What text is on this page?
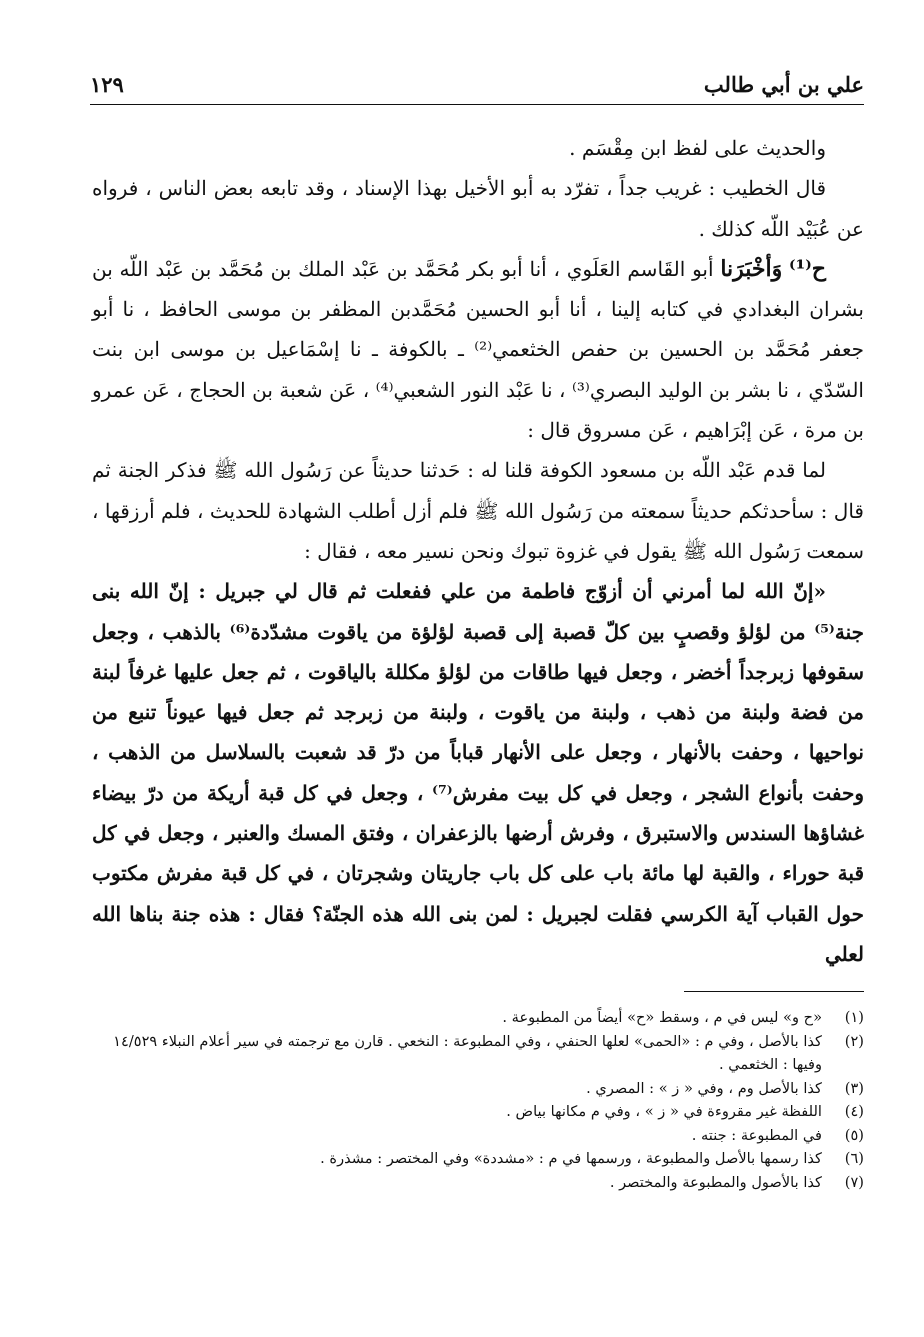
علي بن أبي طالب
١٢٩

والحديث على لفظ ابن مِقْسَم .

قال الخطيب : غريب جداً ، تفرّد به أبو الأخيل بهذا الإسناد ، وقد تابعه بعض الناس ، فرواه عن عُبَيْد اللّه كذلك .

ح⁽¹⁾ وَأخْبَرَنا أبو القَاسم العَلَوي ، أنا أبو بكر مُحَمَّد بن عَبْد الملك بن مُحَمَّد بن عَبْد اللّه بن بشران البغدادي في كتابه إلينا ، أنا أبو الحسين مُحَمَّدبن المظفر بن موسى الحافظ ، نا أبو جعفر مُحَمَّد بن الحسين بن حفص الخثعمي⁽²⁾ ـ بالكوفة ـ نا إسْمَاعيل بن موسى ابن بنت السّدّي ، نا بشر بن الوليد البصري⁽³⁾ ، نا عَبْد النور الشعبي⁽⁴⁾ ، عَن شعبة بن الحجاج ، عَن عمرو بن مرة ، عَن إبْرَاهيم ، عَن مسروق قال :

لما قدم عَبْد اللّه بن مسعود الكوفة قلنا له : حَدثنا حديثاً عن رَسُول الله ﷺ فذكر الجنة ثم قال : سأحدثكم حديثاً سمعته من رَسُول الله ﷺ فلم أزل أطلب الشهادة للحديث ، فلم أرزقها ، سمعت رَسُول الله ﷺ يقول في غزوة تبوك ونحن نسير معه ، فقال :

«إنّ الله لما أمرني أن أزوّج فاطمة من علي ففعلت ثم قال لي جبريل : إنّ الله بنى جنة⁽⁵⁾ من لؤلؤ وقصبٍ بين كلّ قصبة إلى قصبة لؤلؤة من ياقوت مشدّدة⁽⁶⁾ بالذهب ، وجعل سقوفها زبرجداً أخضر ، وجعل فيها طاقات من لؤلؤ مكللة بالياقوت ، ثم جعل عليها غرفاً لبنة من فضة ولبنة من ذهب ، ولبنة من ياقوت ، ولبنة من زبرجد ثم جعل فيها عيوناً تنبع من نواحيها ، وحفت بالأنهار ، وجعل على الأنهار قباباً من درّ قد شعبت بالسلاسل من الذهب ، وحفت بأنواع الشجر ، وجعل في كل بيت مفرش⁽⁷⁾ ، وجعل في كل قبة أريكة من درّ بيضاء غشاؤها السندس والاستبرق ، وفرش أرضها بالزعفران ، وفتق المسك والعنبر ، وجعل في كل قبة حوراء ، والقبة لها مائة باب على كل باب جاريتان وشجرتان ، في كل قبة مفرش مكتوب حول القباب آية الكرسي فقلت لجبريل : لمن بنى الله هذه الجنّة؟ فقال : هذه جنة بناها الله لعلي

(١)
«ح و» ليس في م ، وسقط «ح» أيضاً من المطبوعة .
(٢)
كذا بالأصل ، وفي م : «الحمى» لعلها الحنفي ، وفي المطبوعة : النخعي . قارن مع ترجمته في سير أعلام النبلاء ١٤/٥٢٩ وفيها : الخثعمي .
(٣)
كذا بالأصل وم ، وفي « ز » : المصري .
(٤)
اللفظة غير مقروءة في « ز » ، وفي م مكانها بياض .
(٥)
في المطبوعة : جنته .
(٦)
كذا رسمها بالأصل والمطبوعة ، ورسمها في م : «مشددة» وفي المختصر : مشذرة .
(٧)
كذا بالأصول والمطبوعة والمختصر .
